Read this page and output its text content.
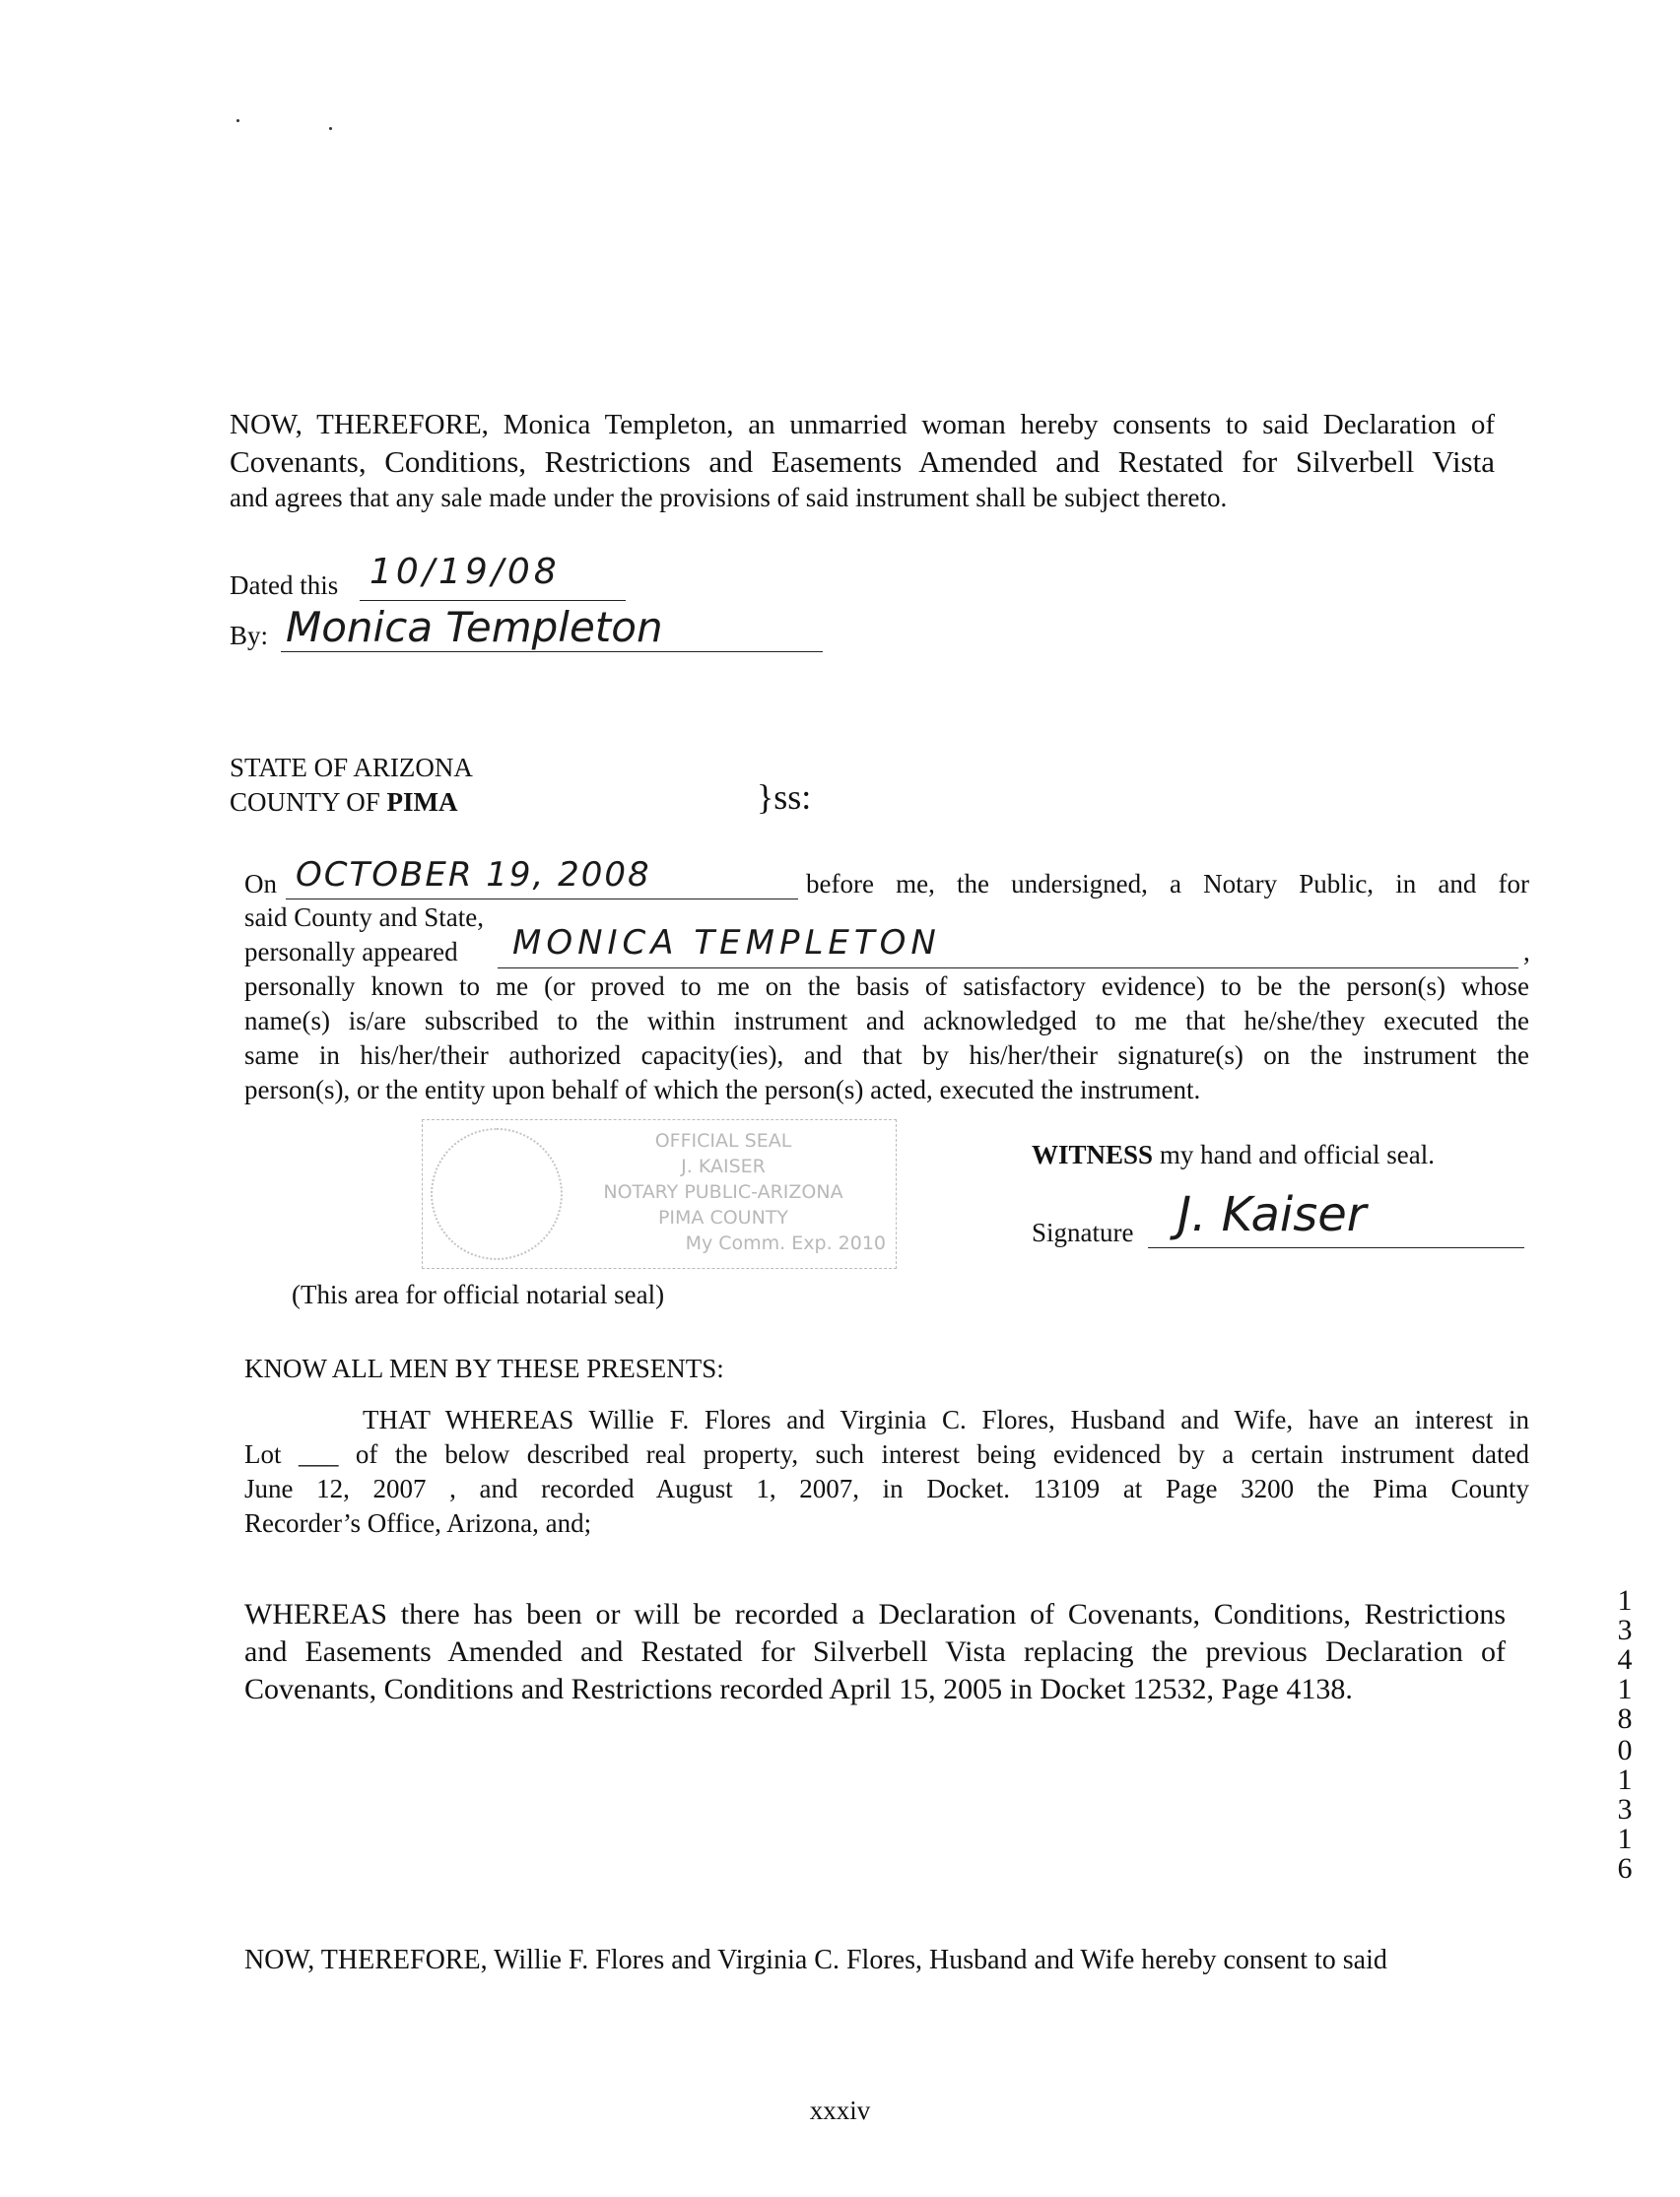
NOW, THEREFORE, Monica Templeton, an unmarried woman hereby consents to said Declaration of
Covenants, Conditions, Restrictions and Easements Amended and Restated for Silverbell Vista
and agrees that any sale made under the provisions of said instrument shall be subject thereto.
Dated this 10/19/08
By: Monica Templeton
STATE OF ARIZONA
COUNTY OF PIMA	}ss:
On OCTOBER 19, 2008	before me, the undersigned, a Notary Public, in and for
said County and State,
personally appeared MONICA TEMPLETON	,
personally known to me (or proved to me on the basis of satisfactory evidence) to be the person(s) whose
name(s) is/are subscribed to the within instrument and acknowledged to me that he/she/they executed the
same in his/her/their authorized capacity(ies), and that by his/her/their signature(s) on the instrument the
person(s), or the entity upon behalf of which the person(s) acted, executed the instrument.
OFFICIAL SEAL
J. KAISER
NOTARY PUBLIC-ARIZONA
PIMA COUNTY
My Comm. Exp. 2010
(This area for official notarial seal)
WITNESS my hand and official seal.
Signature J. Kaiser
KNOW ALL MEN BY THESE PRESENTS:
THAT WHEREAS Willie F. Flores and Virginia C. Flores, Husband and Wife, have an interest in
Lot ___ of the below described real property, such interest being evidenced by a certain instrument dated
June 12, 2007 , and recorded August 1, 2007, in Docket. 13109 at Page 3200 the Pima County
Recorder’s Office, Arizona, and;
WHEREAS there has been or will be recorded a Declaration of Covenants, Conditions, Restrictions
and Easements Amended and Restated for Silverbell Vista replacing the previous Declaration of
Covenants, Conditions and Restrictions recorded April 15, 2005 in Docket 12532, Page 4138.
1
3
4
1
8
0
1
3
1
6
NOW, THEREFORE, Willie F. Flores and Virginia C. Flores, Husband and Wife hereby consent to said
xxxiv
